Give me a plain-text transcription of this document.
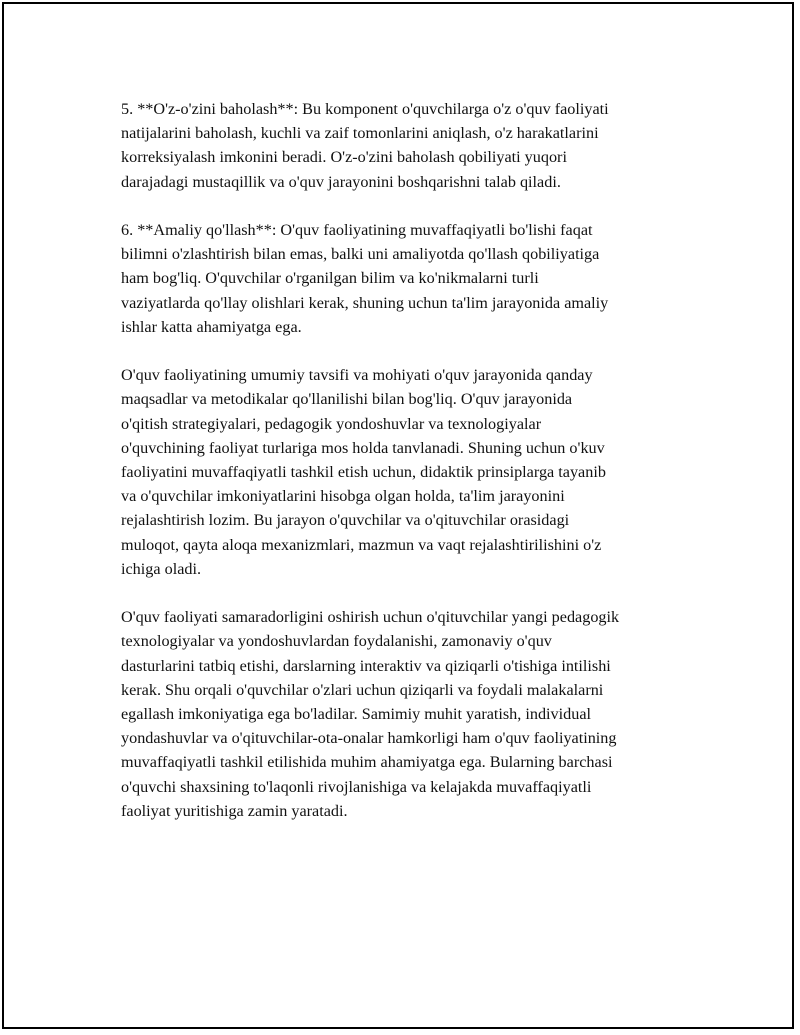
5. **O'z-o'zini baholash**: Bu komponent o'quvchilarga o'z o'quv faoliyati
natijalarini baholash, kuchli va zaif tomonlarini aniqlash, o'z harakatlarini
korreksiyalash imkonini beradi. O'z-o'zini baholash qobiliyati yuqori
darajadagi mustaqillik va o'quv jarayonini boshqarishni talab qiladi.

6. **Amaliy qo'llash**: O'quv faoliyatining muvaffaqiyatli bo'lishi faqat
bilimni o'zlashtirish bilan emas, balki uni amaliyotda qo'llash qobiliyatiga
ham bog'liq. O'quvchilar o'rganilgan bilim va ko'nikmalarni turli
vaziyatlarda qo'llay olishlari kerak, shuning uchun ta'lim jarayonida amaliy
ishlar katta ahamiyatga ega.

O'quv faoliyatining umumiy tavsifi va mohiyati o'quv jarayonida qanday
maqsadlar va metodikalar qo'llanilishi bilan bog'liq. O'quv jarayonida
o'qitish strategiyalari, pedagogik yondoshuvlar va texnologiyalar
o'quvchining faoliyat turlariga mos holda tanvlanadi. Shuning uchun o'kuv
faoliyatini muvaffaqiyatli tashkil etish uchun, didaktik prinsiplarga tayanib
va o'quvchilar imkoniyatlarini hisobga olgan holda, ta'lim jarayonini
rejalashtirish lozim. Bu jarayon o'quvchilar va o'qituvchilar orasidagi
muloqot, qayta aloqa mexanizmlari, mazmun va vaqt rejalashtirilishini o'z
ichiga oladi.

O'quv faoliyati samaradorligini oshirish uchun o'qituvchilar yangi pedagogik
texnologiyalar va yondoshuvlardan foydalanishi, zamonaviy o'quv
dasturlarini tatbiq etishi, darslarning interaktiv va qiziqarli o'tishiga intilishi
kerak. Shu orqali o'quvchilar o'zlari uchun qiziqarli va foydali malakalarni
egallash imkoniyatiga ega bo'ladilar. Samimiy muhit yaratish, individual
yondashuvlar va o'qituvchilar-ota-onalar hamkorligi ham o'quv faoliyatining
muvaffaqiyatli tashkil etilishida muhim ahamiyatga ega. Bularning barchasi
o'quvchi shaxsining to'laqonli rivojlanishiga va kelajakda muvaffaqiyatli
faoliyat yuritishiga zamin yaratadi.
